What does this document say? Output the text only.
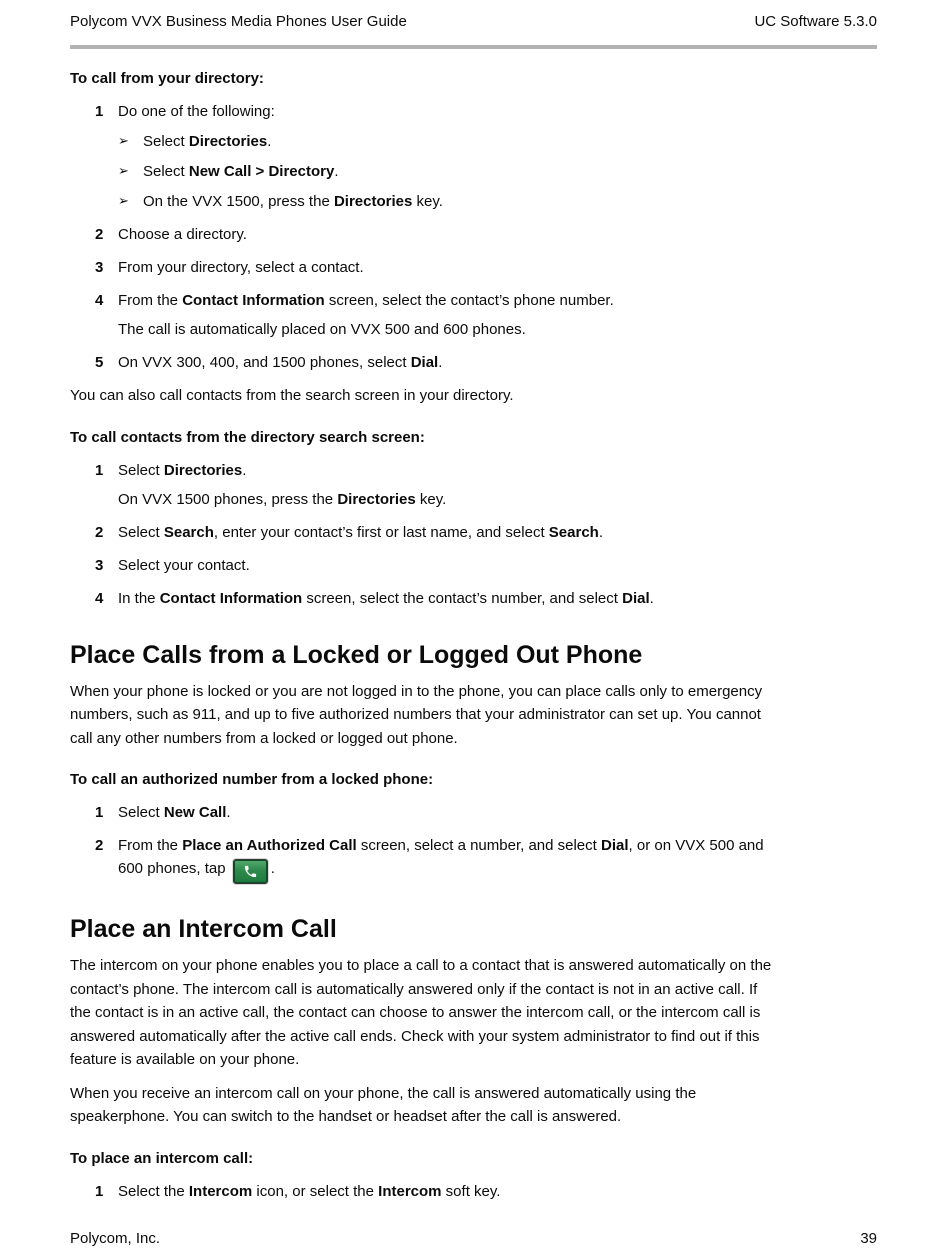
Polycom VVX Business Media Phones User Guide	UC Software 5.3.0

To call from your directory:

1 Do one of the following:
➢ Select Directories.
➢ Select New Call > Directory.
➢ On the VVX 1500, press the Directories key.
2 Choose a directory.
3 From your directory, select a contact.
4 From the Contact Information screen, select the contact’s phone number.
The call is automatically placed on VVX 500 and 600 phones.
5 On VVX 300, 400, and 1500 phones, select Dial.

You can also call contacts from the search screen in your directory.

To call contacts from the directory search screen:

1 Select Directories.
On VVX 1500 phones, press the Directories key.
2 Select Search, enter your contact’s first or last name, and select Search.
3 Select your contact.
4 In the Contact Information screen, select the contact’s number, and select Dial.
Place Calls from a Locked or Logged Out Phone

When your phone is locked or you are not logged in to the phone, you can place calls only to emergency
numbers, such as 911, and up to five authorized numbers that your administrator can set up. You cannot
call any other numbers from a locked or logged out phone.

To call an authorized number from a locked phone:

1 Select New Call.
2 From the Place an Authorized Call screen, select a number, and select Dial, or on VVX 500 and
600 phones, tap	.
Place an Intercom Call

The intercom on your phone enables you to place a call to a contact that is answered automatically on the
contact’s phone. The intercom call is automatically answered only if the contact is not in an active call. If
the contact is in an active call, the contact can choose to answer the intercom call, or the intercom call is
answered automatically after the active call ends. Check with your system administrator to find out if this
feature is available on your phone.

When you receive an intercom call on your phone, the call is answered automatically using the
speakerphone. You can switch to the handset or headset after the call is answered.

To place an intercom call:

1 Select the Intercom icon, or select the Intercom soft key.
Polycom, Inc.	39
